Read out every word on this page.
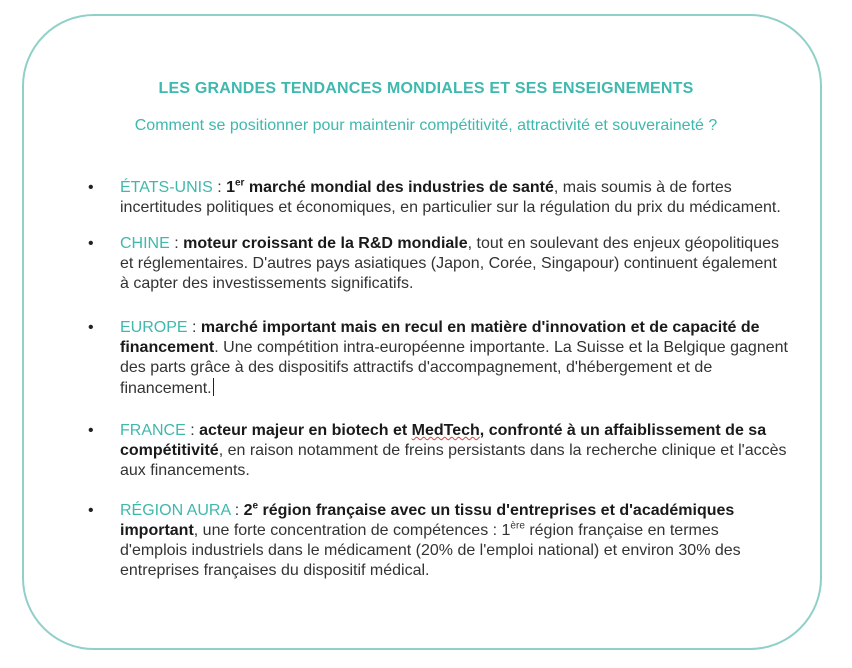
LES GRANDES TENDANCES MONDIALES ET SES ENSEIGNEMENTS
Comment se positionner pour maintenir compétitivité, attractivité et souveraineté ?
• ÉTATS-UNIS : 1er marché mondial des industries de santé, mais soumis à de fortes incertitudes politiques et économiques, en particulier sur la régulation du prix du médicament.
• CHINE : moteur croissant de la R&D mondiale, tout en soulevant des enjeux géopolitiques et réglementaires. D'autres pays asiatiques (Japon, Corée, Singapour) continuent également à capter des investissements significatifs.
• EUROPE : marché important mais en recul en matière d'innovation et de capacité de financement. Une compétition intra-européenne importante. La Suisse et la Belgique gagnent des parts grâce à des dispositifs attractifs d'accompagnement, d'hébergement et de financement.
• FRANCE : acteur majeur en biotech et MedTech, confronté à un affaiblissement de sa compétitivité, en raison notamment de freins persistants dans la recherche clinique et l'accès aux financements.
• RÉGION AURA : 2e région française avec un tissu d'entreprises et d'académiques important, une forte concentration de compétences : 1ère région française en termes d'emplois industriels dans le médicament (20% de l'emploi national) et environ 30% des entreprises françaises du dispositif médical.
